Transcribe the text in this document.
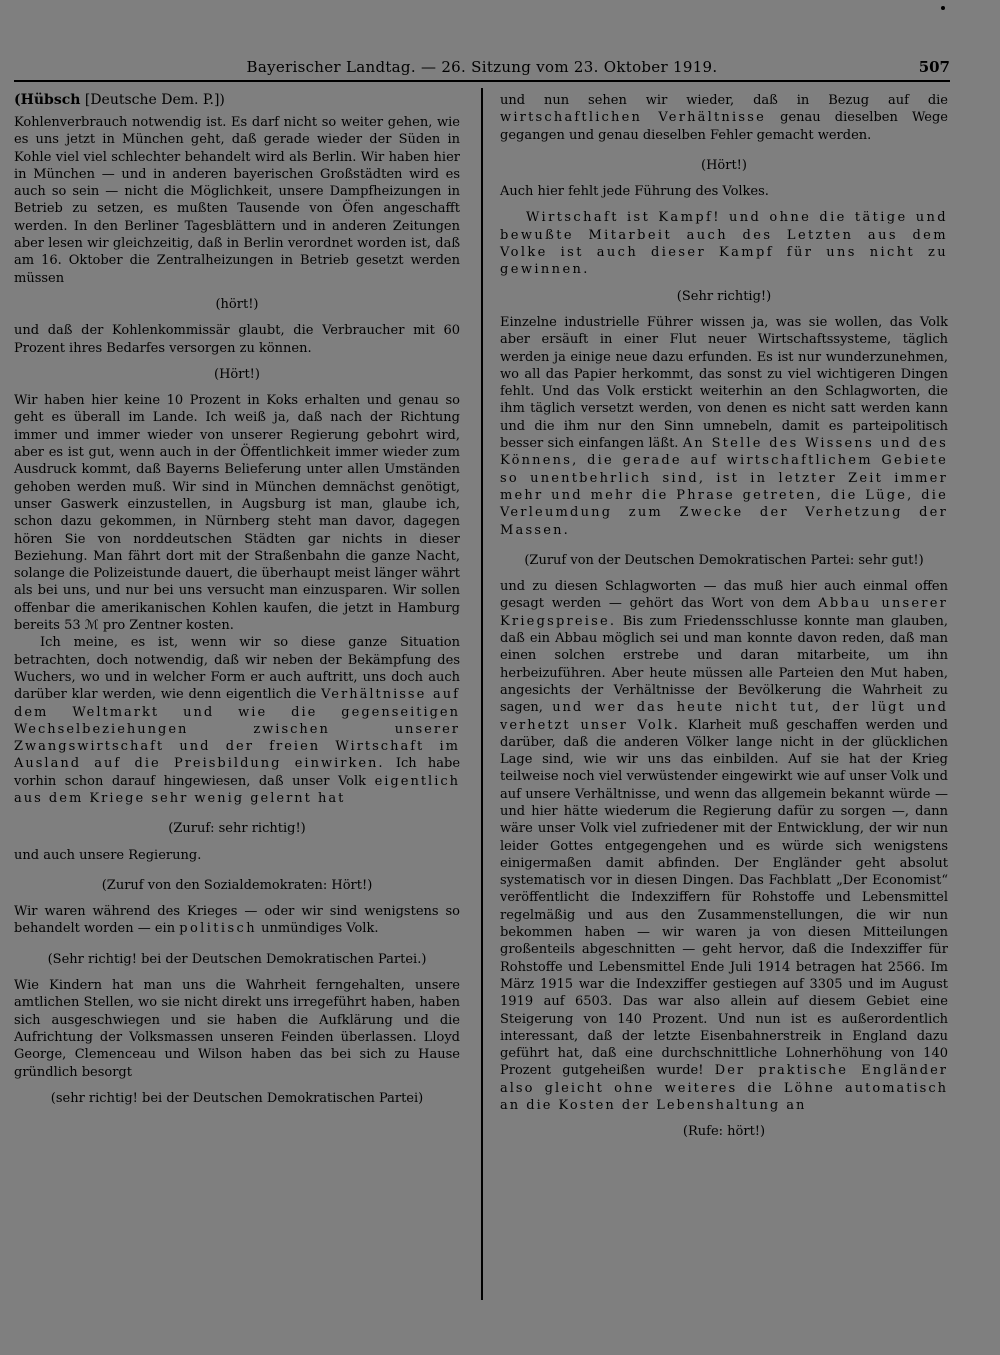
Bayerischer Landtag. — 26. Sitzung vom 23. Oktober 1919.	507
(Hübsch [Deutsche Dem. P.])

Kohlenverbrauch notwendig ist. Es darf nicht so weiter gehen, wie es uns jetzt in München geht, daß gerade wieder der Süden in Kohle viel viel schlechter behandelt wird als Berlin. Wir haben hier in München — und in anderen bayerischen Großstädten wird es auch so sein — nicht die Möglichkeit, unsere Dampfheizungen in Betrieb zu setzen, es mußten Tausende von Öfen angeschafft werden. In den Berliner Tagesblättern und in anderen Zeitungen aber lesen wir gleichzeitig, daß in Berlin verordnet worden ist, daß am 16. Oktober die Zentralheizungen in Betrieb gesetzt werden müssen

(hört!)

und daß der Kohlenkommissär glaubt, die Verbraucher mit 60 Prozent ihres Bedarfes versorgen zu können.

(Hört!)

Wir haben hier keine 10 Prozent in Koks erhalten und genau so geht es überall im Lande. Ich weiß ja, daß nach der Richtung immer und immer wieder von unserer Regierung gebohrt wird, aber es ist gut, wenn auch in der Öffentlichkeit immer wieder zum Ausdruck kommt, daß Bayerns Belieferung unter allen Umständen gehoben werden muß. Wir sind in München demnächst genötigt, unser Gaswerk einzustellen, in Augsburg ist man, glaube ich, schon dazu gekommen, in Nürnberg steht man davor, dagegen hören Sie von norddeutschen Städten gar nichts in dieser Beziehung. Man fährt dort mit der Straßenbahn die ganze Nacht, solange die Polizeistunde dauert, die überhaupt meist länger währt als bei uns, und nur bei uns versucht man einzusparen. Wir sollen offenbar die amerikanischen Kohlen kaufen, die jetzt in Hamburg bereits 53 ℳ pro Zentner kosten.

Ich meine, es ist, wenn wir so diese ganze Situation betrachten, doch notwendig, daß wir neben der Bekämpfung des Wuchers, wo und in welcher Form er auch auftritt, uns doch auch darüber klar werden, wie denn eigentlich die Verhältnisse auf dem Weltmarkt und wie die gegenseitigen Wechselbeziehungen zwischen unserer Zwangswirtschaft und der freien Wirtschaft im Ausland auf die Preisbildung einwirken. Ich habe vorhin schon darauf hingewiesen, daß unser Volk eigentlich aus dem Kriege sehr wenig gelernt hat

(Zuruf: sehr richtig!)

und auch unsere Regierung.

(Zuruf von den Sozialdemokraten: Hört!)

Wir waren während des Krieges — oder wir sind wenigstens so behandelt worden — ein politisch unmündiges Volk.

(Sehr richtig! bei der Deutschen Demokratischen Partei.)

Wie Kindern hat man uns die Wahrheit ferngehalten, unsere amtlichen Stellen, wo sie nicht direkt uns irregeführt haben, haben sich ausgeschwiegen und sie haben die Aufklärung und die Aufrichtung der Volksmassen unseren Feinden überlassen. Lloyd George, Clemenceau und Wilson haben das bei sich zu Hause gründlich besorgt

(sehr richtig! bei der Deutschen Demokratischen Partei)

und nun sehen wir wieder, daß in Bezug auf die wirtschaftlichen Verhältnisse genau dieselben Wege gegangen und genau dieselben Fehler gemacht werden.

(Hört!)

Auch hier fehlt jede Führung des Volkes.

Wirtschaft ist Kampf! und ohne die tätige und bewußte Mitarbeit auch des Letzten aus dem Volke ist auch dieser Kampf für uns nicht zu gewinnen.

(Sehr richtig!)

Einzelne industrielle Führer wissen ja, was sie wollen, das Volk aber ersäuft in einer Flut neuer Wirtschaftssysteme, täglich werden ja einige neue dazu erfunden. Es ist nur wunderzunehmen, wo all das Papier herkommt, das sonst zu viel wichtigeren Dingen fehlt. Und das Volk erstickt weiterhin an den Schlagworten, die ihm täglich versetzt werden, von denen es nicht satt werden kann und die ihm nur den Sinn umnebeln, damit es parteipolitisch besser sich einfangen läßt. An Stelle des Wissens und des Könnens, die gerade auf wirtschaftlichem Gebiete so unentbehrlich sind, ist in letzter Zeit immer mehr und mehr die Phrase getreten, die Lüge, die Verleumdung zum Zwecke der Verhetzung der Massen.

(Zuruf von der Deutschen Demokratischen Partei: sehr gut!)

und zu diesen Schlagworten — das muß hier auch einmal offen gesagt werden — gehört das Wort von dem Abbau unserer Kriegspreise. Bis zum Friedensschlusse konnte man glauben, daß ein Abbau möglich sei und man konnte davon reden, daß man einen solchen erstrebe und daran mitarbeite, um ihn herbeizuführen. Aber heute müssen alle Parteien den Mut haben, angesichts der Verhältnisse der Bevölkerung die Wahrheit zu sagen, und wer das heute nicht tut, der lügt und verhetzt unser Volk. Klarheit muß geschaffen werden und darüber, daß die anderen Völker lange nicht in der glücklichen Lage sind, wie wir uns das einbilden. Auf sie hat der Krieg teilweise noch viel verwüstender eingewirkt wie auf unser Volk und auf unsere Verhältnisse, und wenn das allgemein bekannt würde — und hier hätte wiederum die Regierung dafür zu sorgen —, dann wäre unser Volk viel zufriedener mit der Entwicklung, der wir nun leider Gottes entgegengehen und es würde sich wenigstens einigermaßen damit abfinden. Der Engländer geht absolut systematisch vor in diesen Dingen. Das Fachblatt „Der Economist“ veröffentlicht die Indexziffern für Rohstoffe und Lebensmittel regelmäßig und aus den Zusammenstellungen, die wir nun bekommen haben — wir waren ja von diesen Mitteilungen großenteils abgeschnitten — geht hervor, daß die Indexziffer für Rohstoffe und Lebensmittel Ende Juli 1914 betragen hat 2566. Im März 1915 war die Indexziffer gestiegen auf 3305 und im August 1919 auf 6503. Das war also allein auf diesem Gebiet eine Steigerung von 140 Prozent. Und nun ist es außerordentlich interessant, daß der letzte Eisenbahnerstreik in England dazu geführt hat, daß eine durchschnittliche Lohnerhöhung von 140 Prozent gutgeheißen wurde! Der praktische Engländer also gleicht ohne weiteres die Löhne automatisch an die Kosten der Lebenshaltung an

(Rufe: hört!)
